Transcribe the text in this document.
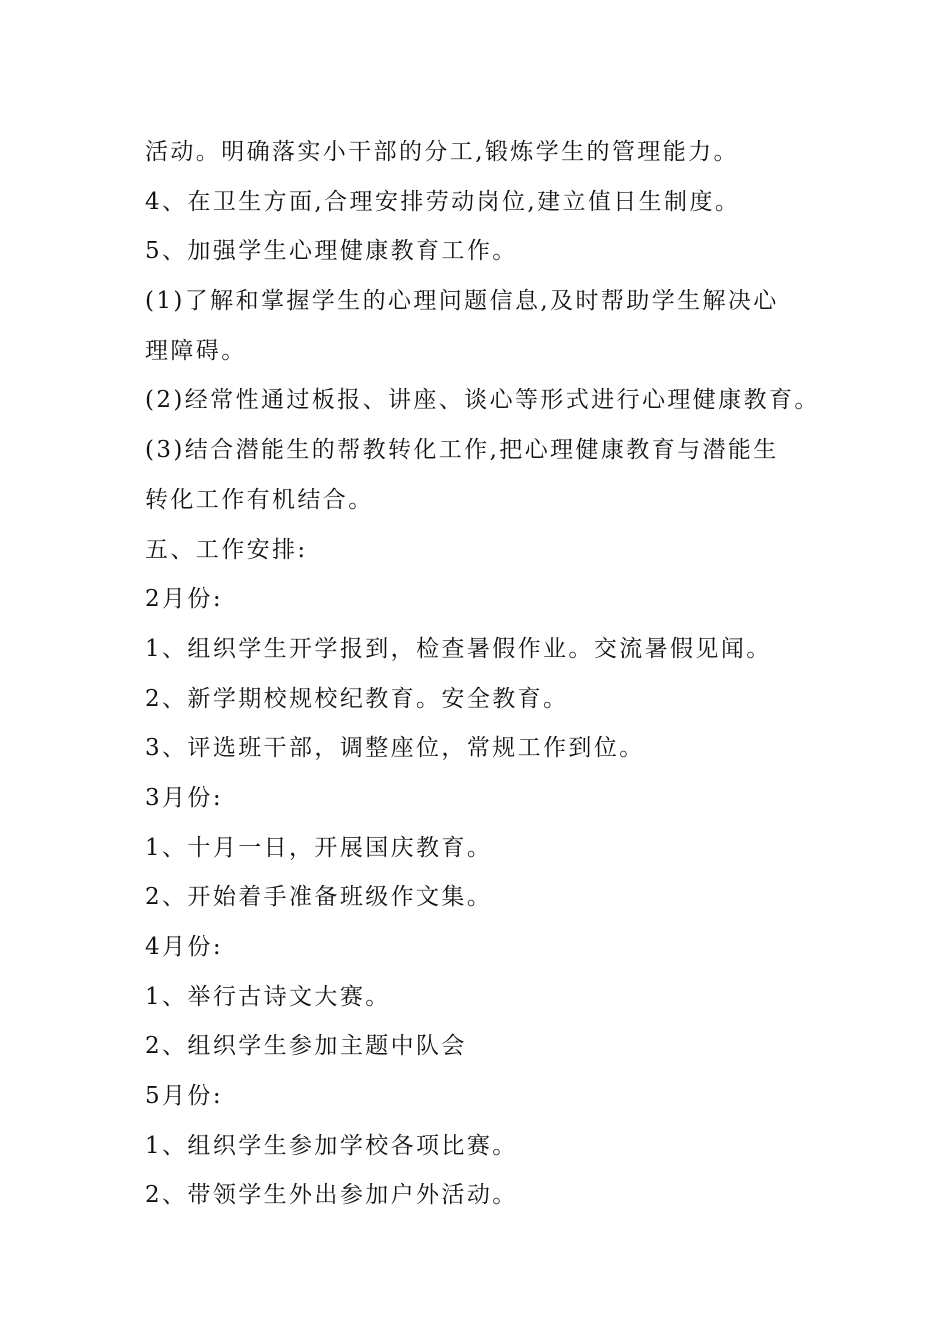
活动。明确落实小干部的分工,锻炼学生的管理能力。
4、在卫生方面,合理安排劳动岗位,建立值日生制度。
5、加强学生心理健康教育工作。
(1)了解和掌握学生的心理问题信息,及时帮助学生解决心
理障碍。
(2)经常性通过板报、讲座、谈心等形式进行心理健康教育。
(3)结合潜能生的帮教转化工作,把心理健康教育与潜能生
转化工作有机结合。
五、工作安排:
2月份:
1、组织学生开学报到，检查暑假作业。交流暑假见闻。
2、新学期校规校纪教育。安全教育。
3、评选班干部，调整座位，常规工作到位。
3月份:
1、十月一日，开展国庆教育。
2、开始着手准备班级作文集。
4月份:
1、举行古诗文大赛。
2、组织学生参加主题中队会
5月份:
1、组织学生参加学校各项比赛。
2、带领学生外出参加户外活动。
